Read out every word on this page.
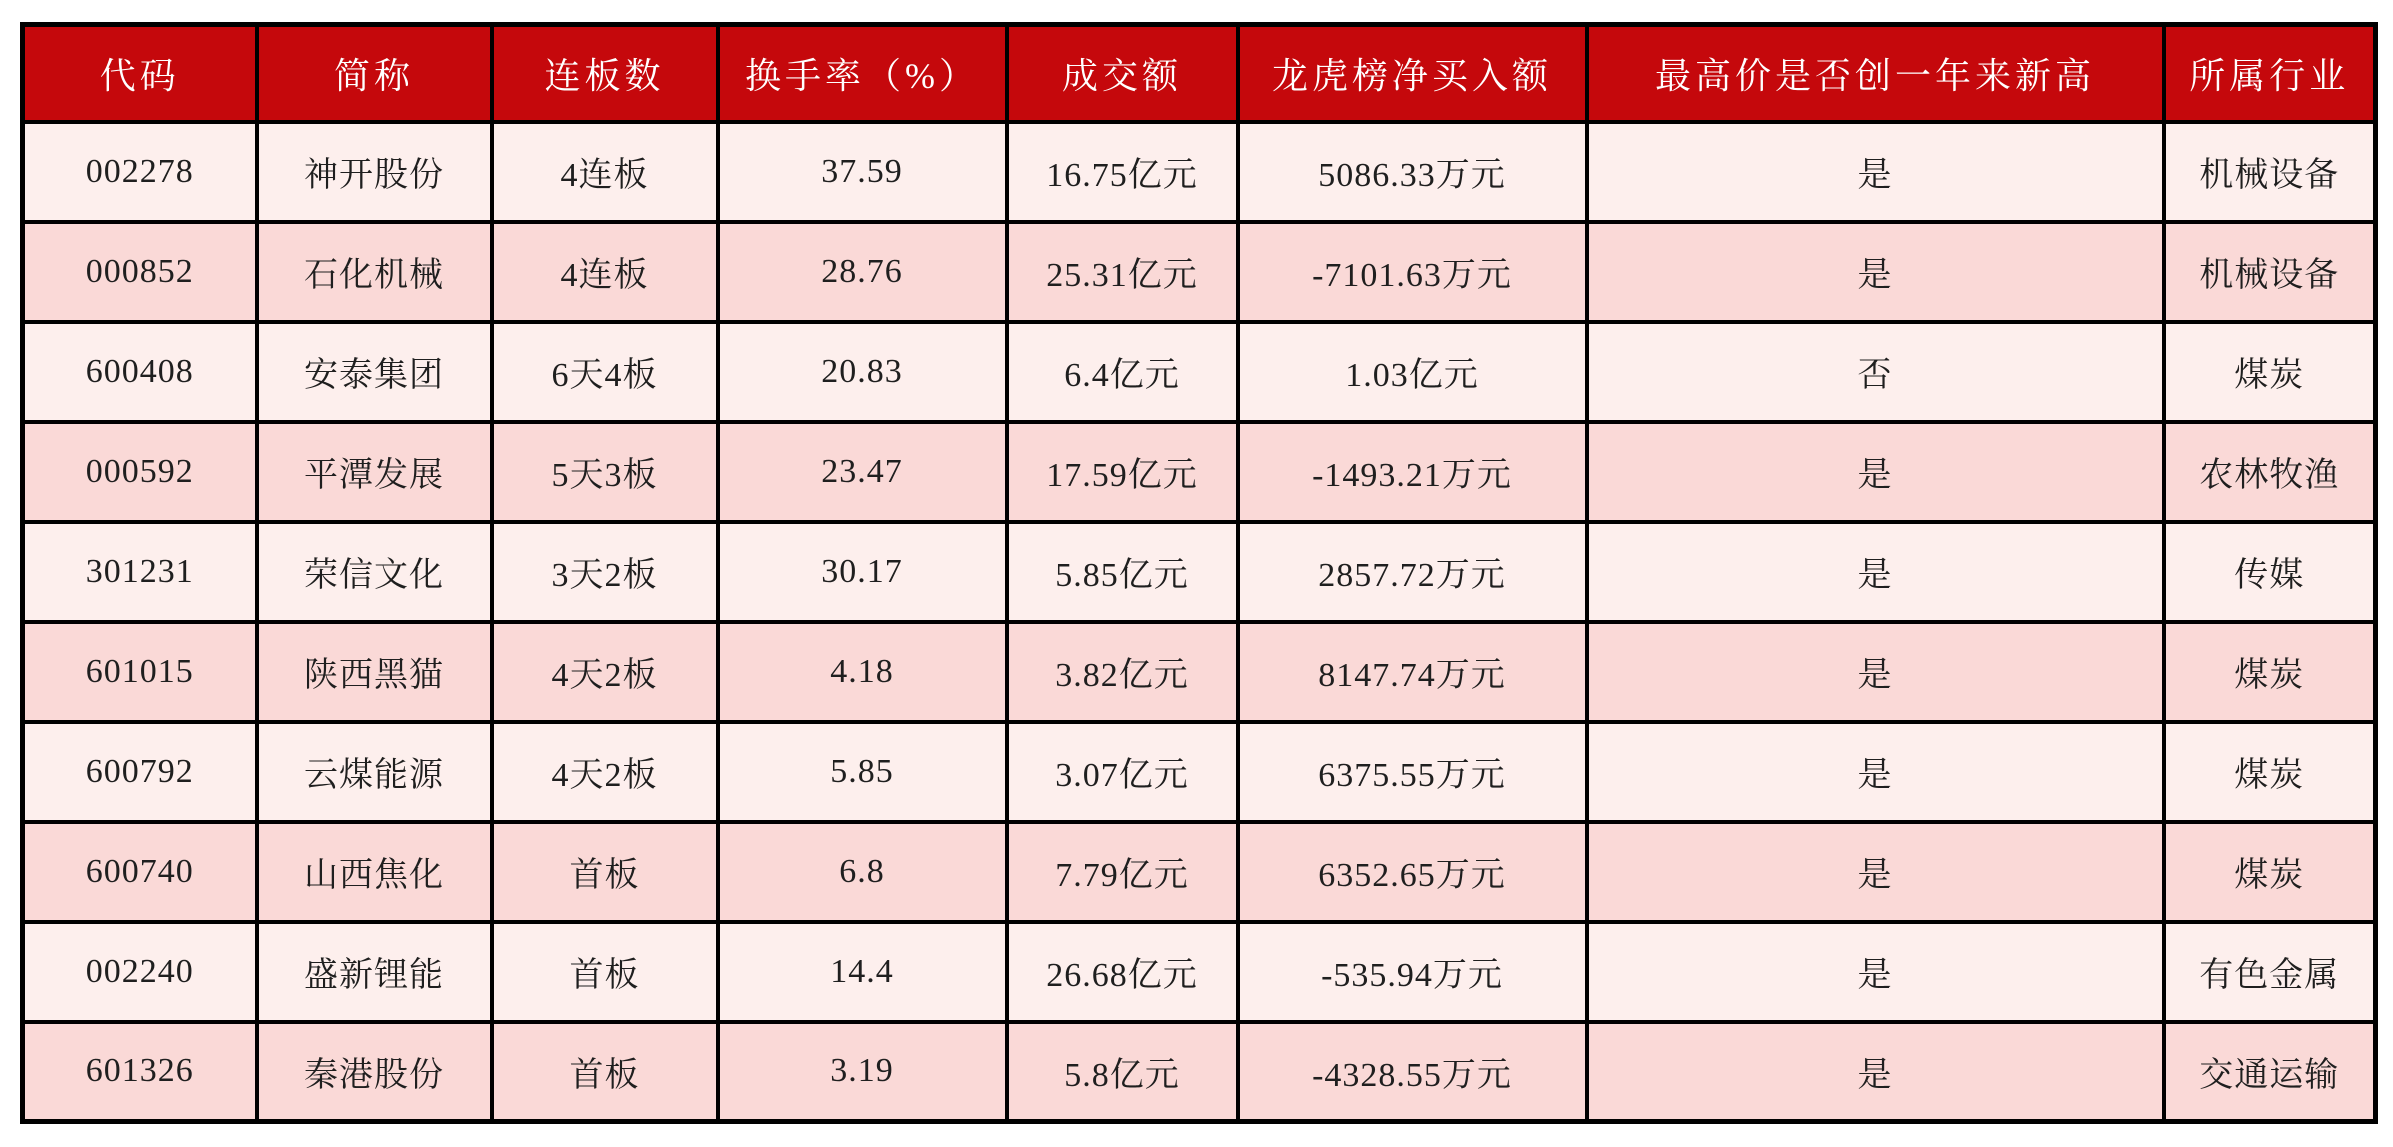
代码	简称	连板数	换手率（%）	成交额	龙虎榜净买入额	最高价是否创一年来新高	所属行业
002278	神开股份	4连板	37.59	16.75亿元	5086.33万元	是	机械设备
000852	石化机械	4连板	28.76	25.31亿元	-7101.63万元	是	机械设备
600408	安泰集团	6天4板	20.83	6.4亿元	1.03亿元	否	煤炭
000592	平潭发展	5天3板	23.47	17.59亿元	-1493.21万元	是	农林牧渔
301231	荣信文化	3天2板	30.17	5.85亿元	2857.72万元	是	传媒
601015	陕西黑猫	4天2板	4.18	3.82亿元	8147.74万元	是	煤炭
600792	云煤能源	4天2板	5.85	3.07亿元	6375.55万元	是	煤炭
600740	山西焦化	首板	6.8	7.79亿元	6352.65万元	是	煤炭
002240	盛新锂能	首板	14.4	26.68亿元	-535.94万元	是	有色金属
601326	秦港股份	首板	3.19	5.8亿元	-4328.55万元	是	交通运输
